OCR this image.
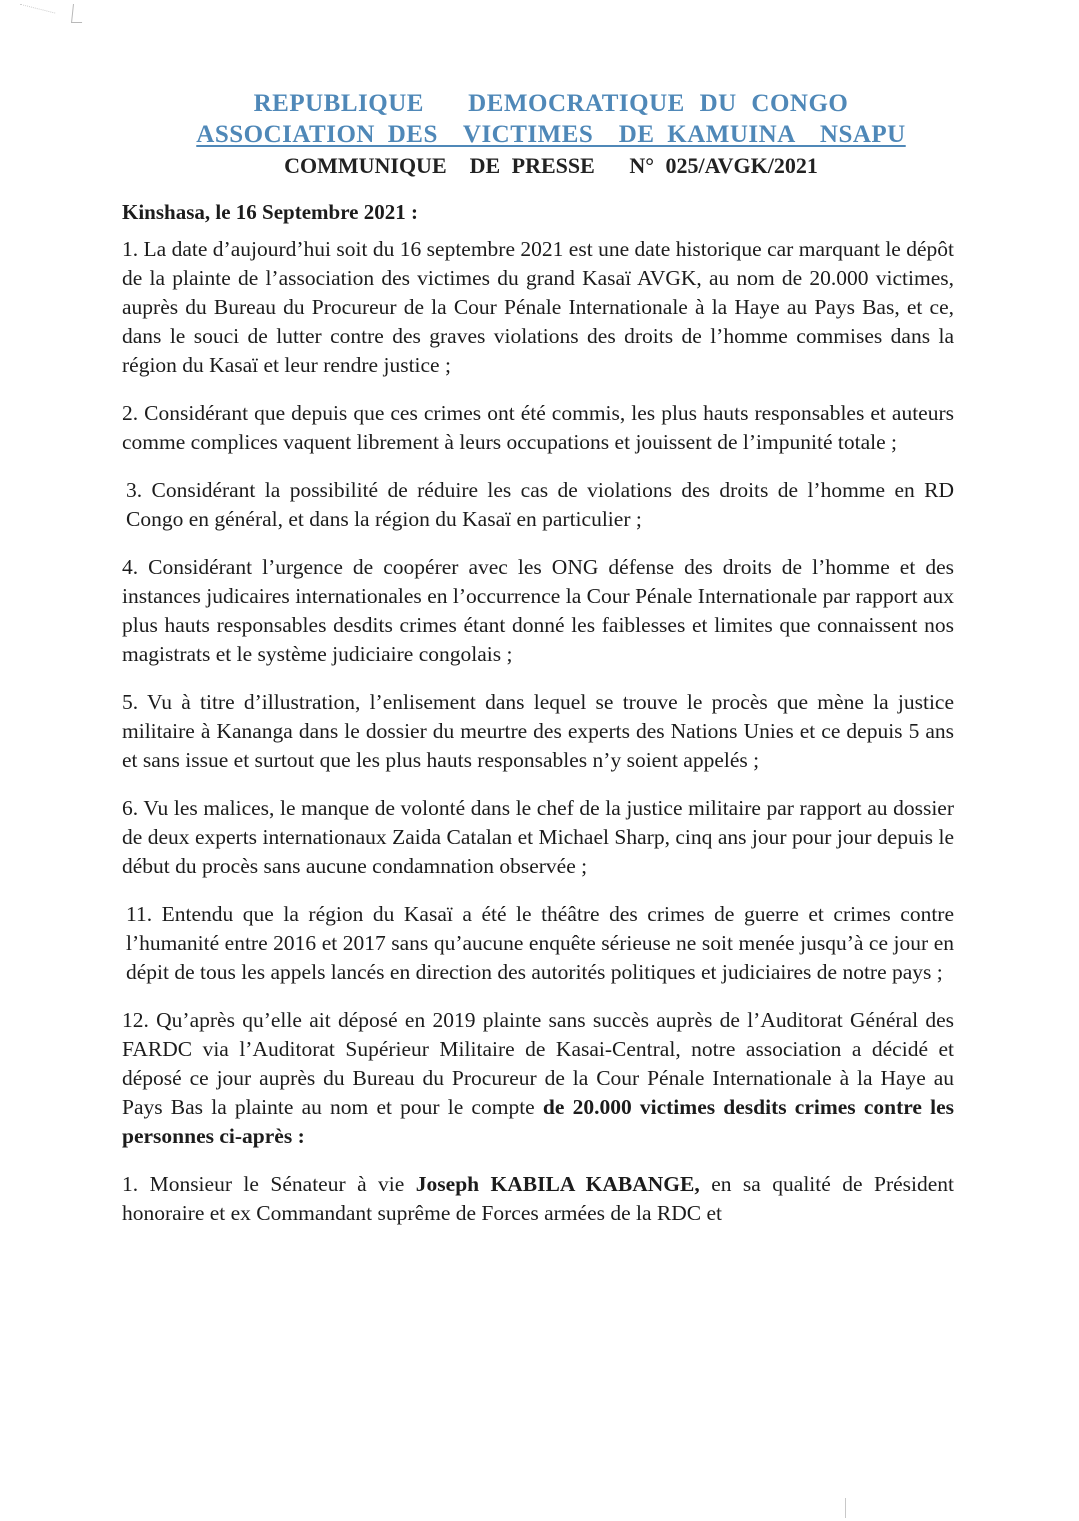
REPUBLIQUE   DEMOCRATIQUE DU CONGO
ASSOCIATION DES  VICTIMES  DE KAMUINA  NSAPU
COMMUNIQUE  DE PRESSE   N° 025/AVGK/2021
Kinshasa, le 16 Septembre 2021 :

1. La date d’aujourd’hui soit du 16 septembre 2021 est une date historique car marquant le dépôt de la plainte de l’association des victimes du grand Kasaï AVGK, au nom de 20.000 victimes, auprès du Bureau du Procureur de la Cour Pénale Internationale à la Haye au Pays Bas, et ce, dans le souci de lutter contre des graves violations des droits de l’homme commises dans la région du Kasaï et leur rendre justice ;

2. Considérant que depuis que ces crimes ont été commis, les plus hauts responsables et auteurs comme complices vaquent librement à leurs occupations et jouissent de l’impunité totale ;

3. Considérant la possibilité de réduire les cas de violations des droits de l’homme en RD Congo en général, et dans la région du Kasaï en particulier ;

4. Considérant l’urgence de coopérer avec les ONG défense des droits de l’homme et des instances judicaires internationales en l’occurrence la Cour Pénale Internationale par rapport aux plus hauts responsables desdits crimes étant donné les faiblesses et limites que connaissent nos magistrats et le système judiciaire congolais ;

5. Vu à titre d’illustration, l’enlisement dans lequel se trouve le procès que mène la justice militaire à Kananga dans le dossier du meurtre des experts des Nations Unies et ce depuis 5 ans et sans issue et surtout que les plus hauts responsables n’y soient appelés ;

6. Vu les malices, le manque de volonté dans le chef de la justice militaire par rapport au dossier de deux experts internationaux Zaida Catalan et Michael Sharp, cinq ans jour pour jour depuis le début du procès sans aucune condamnation observée ;

11. Entendu que la région du Kasaï a été le théâtre des crimes de guerre et crimes contre l’humanité entre 2016 et 2017 sans qu’aucune enquête sérieuse ne soit menée jusqu’à ce jour en dépit de tous les appels lancés en direction des autorités politiques et judiciaires de notre pays ;

12. Qu’après qu’elle ait déposé en 2019 plainte sans succès auprès de l’Auditorat Général des FARDC via l’Auditorat Supérieur Militaire de Kasai-Central, notre association a décidé et déposé ce jour auprès du Bureau du Procureur de la Cour Pénale Internationale à la Haye au Pays Bas la plainte au nom et pour le compte de 20.000 victimes desdits crimes contre les personnes ci-après :

1. Monsieur le Sénateur à vie Joseph KABILA KABANGE, en sa qualité de Président honoraire et ex Commandant suprême de Forces armées de la RDC et
